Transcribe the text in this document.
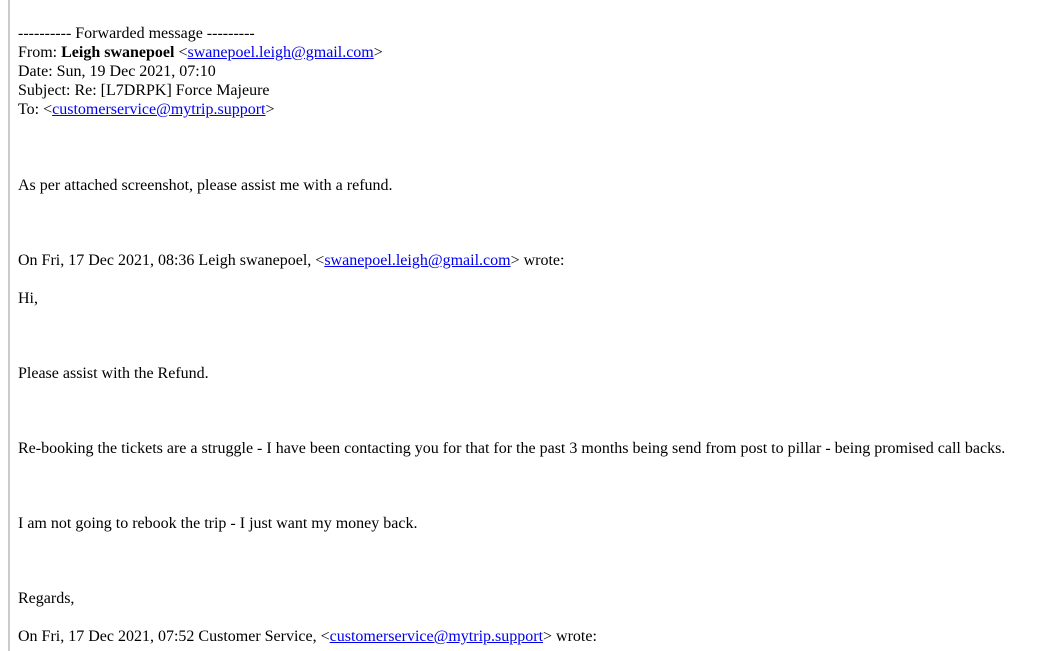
---------- Forwarded message ---------
From: Leigh swanepoel <swanepoel.leigh@gmail.com>
Date: Sun, 19 Dec 2021, 07:10
Subject: Re: [L7DRPK] Force Majeure
To: <customerservice@mytrip.support>

As per attached screenshot, please assist me with a refund.

On Fri, 17 Dec 2021, 08:36 Leigh swanepoel, <swanepoel.leigh@gmail.com> wrote:

Hi,

Please assist with the Refund.

Re-booking the tickets are a struggle - I have been contacting you for that for the past 3 months being send from post to pillar - being promised call backs.

I am not going to rebook the trip - I just want my money back.

Regards,

On Fri, 17 Dec 2021, 07:52 Customer Service, <customerservice@mytrip.support> wrote:
